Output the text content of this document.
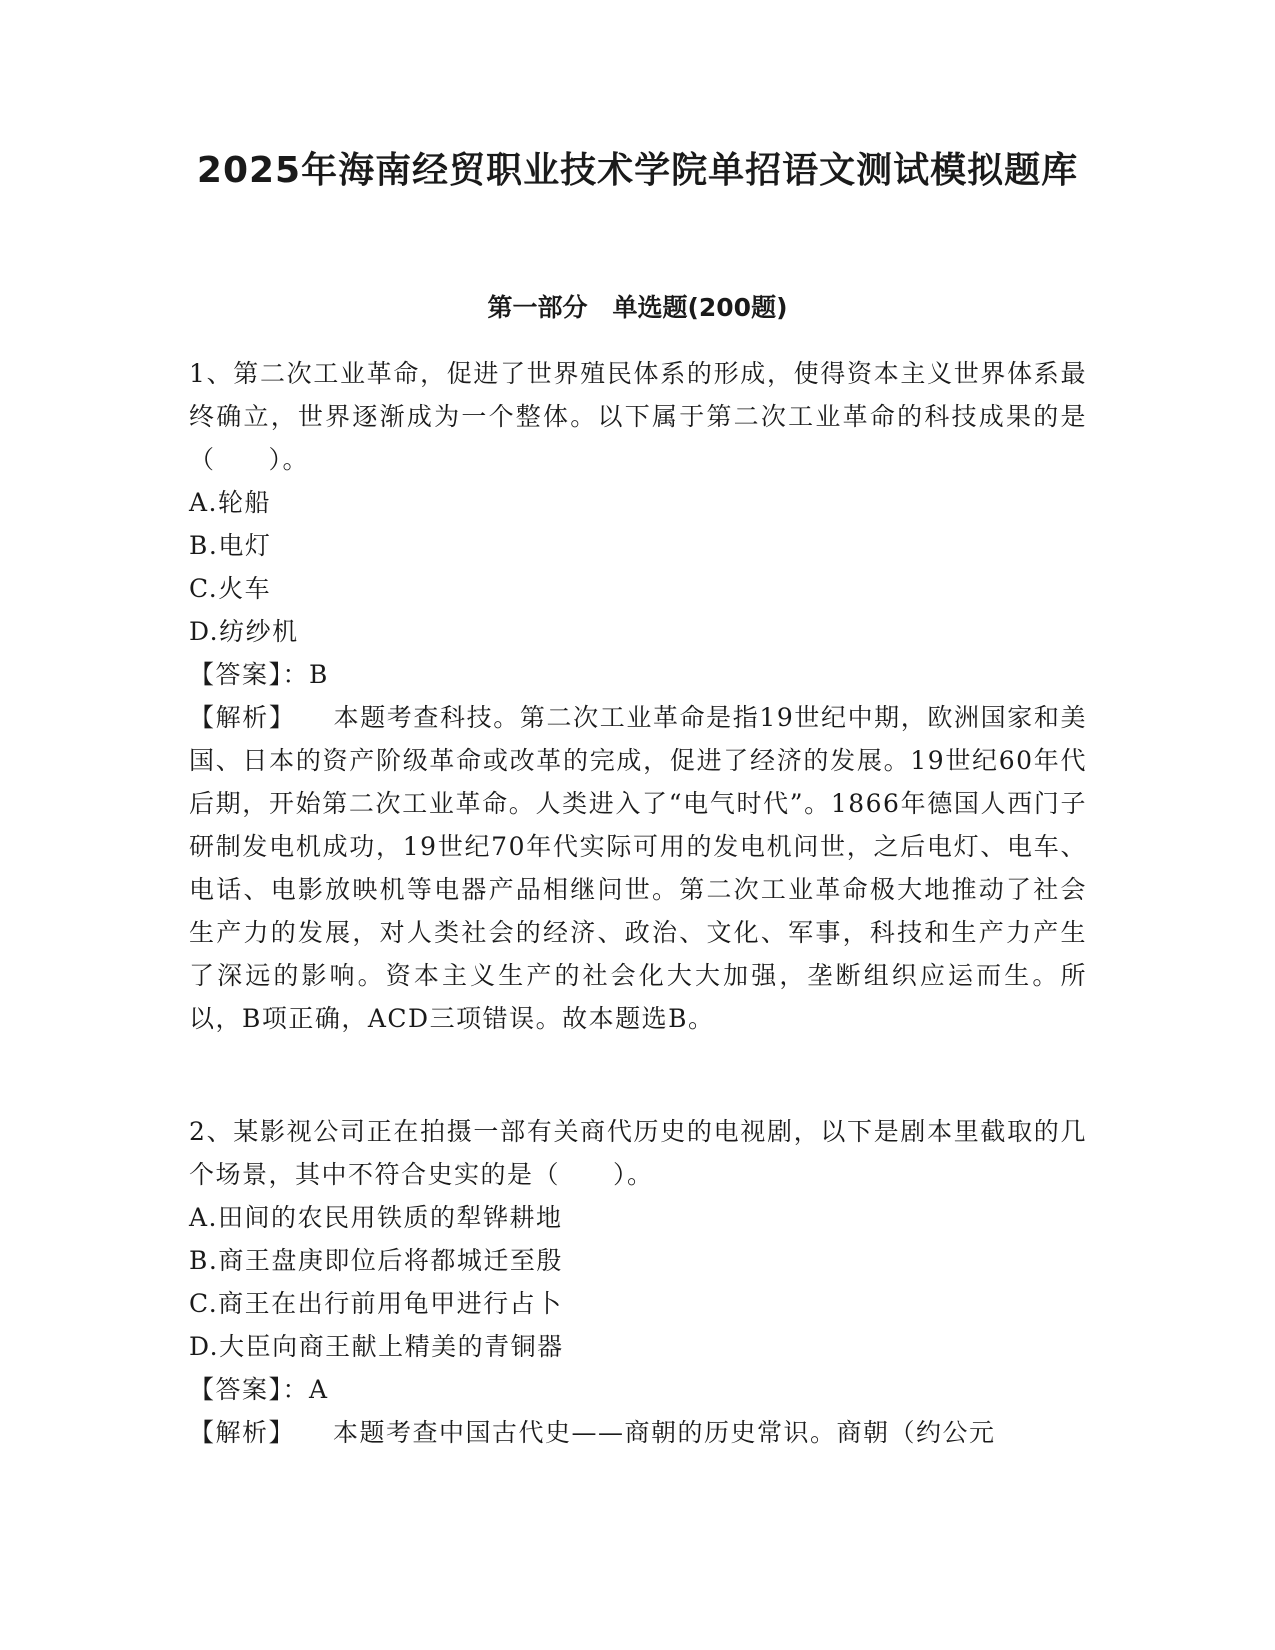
2025年海南经贸职业技术学院单招语文测试模拟题库
第一部分　单选题(200题)
1、第二次工业革命，促进了世界殖民体系的形成，使得资本主义世界体系最终确立，世界逐渐成为一个整体。以下属于第二次工业革命的科技成果的是（　　）。
A.轮船
B.电灯
C.火车
D.纺纱机
【答案】：B
【解析】 本题考查科技。第二次工业革命是指19世纪中期，欧洲国家和美国、日本的资产阶级革命或改革的完成，促进了经济的发展。19世纪60年代后期，开始第二次工业革命。人类进入了“电气时代”。1866年德国人西门子研制发电机成功，19世纪70年代实际可用的发电机问世，之后电灯、电车、电话、电影放映机等电器产品相继问世。第二次工业革命极大地推动了社会生产力的发展，对人类社会的经济、政治、文化、军事，科技和生产力产生了深远的影响。资本主义生产的社会化大大加强，垄断组织应运而生。所以，B项正确，ACD三项错误。故本题选B。
2、某影视公司正在拍摄一部有关商代历史的电视剧，以下是剧本里截取的几个场景，其中不符合史实的是（　　）。
A.田间的农民用铁质的犁铧耕地
B.商王盘庚即位后将都城迁至殷
C.商王在出行前用龟甲进行占卜
D.大臣向商王献上精美的青铜器
【答案】：A
【解析】 本题考查中国古代史——商朝的历史常识。商朝（约公元
